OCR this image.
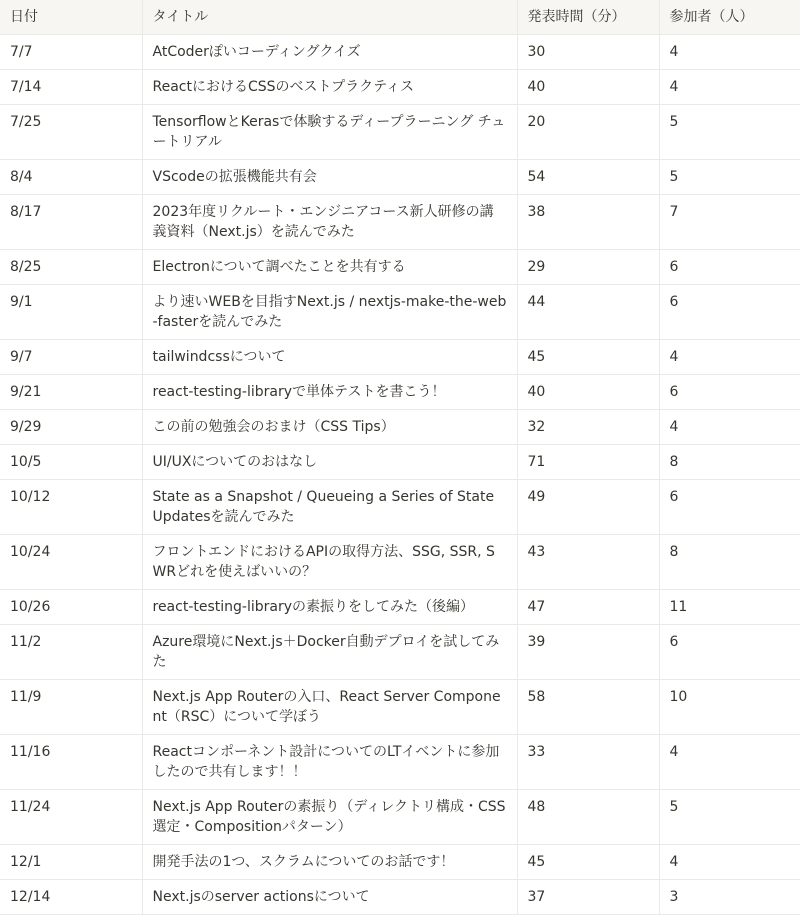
日付	タイトル	発表時間（分）	参加者（人）
7/7	AtCoderぽいコーディングクイズ	30	4
7/14	ReactにおけるCSSのベストプラクティス	40	4
7/25	TensorflowとKerasで体験するディープラーニング チュートリアル	20	5
8/4	VScodeの拡張機能共有会	54	5
8/17	2023年度リクルート・エンジニアコース新人研修の講義資料（Next.js）を読んでみた	38	7
8/25	Electronについて調べたことを共有する	29	6
9/1	より速いWEBを目指すNext.js / nextjs-make-the-web-fasterを読んでみた	44	6
9/7	tailwindcssについて	45	4
9/21	react-testing-libraryで単体テストを書こう！	40	6
9/29	この前の勉強会のおまけ（CSS Tips）	32	4
10/5	UI/UXについてのおはなし	71	8
10/12	State as a Snapshot / Queueing a Series of State Updatesを読んでみた	49	6
10/24	フロントエンドにおけるAPIの取得方法、SSG, SSR, SWRどれを使えばいいの？	43	8
10/26	react-testing-libraryの素振りをしてみた（後編）	47	11
11/2	Azure環境にNext.js＋Docker自動デプロイを試してみた	39	6
11/9	Next.js App Routerの入口、React Server Component（RSC）について学ぼう	58	10
11/16	Reactコンポーネント設計についてのLTイベントに参加したので共有します！！	33	4
11/24	Next.js App Routerの素振り（ディレクトリ構成・CSS選定・Compositionパターン）	48	5
12/1	開発手法の1つ、スクラムについてのお話です！	45	4
12/14	Next.jsのserver actionsについて	37	3
